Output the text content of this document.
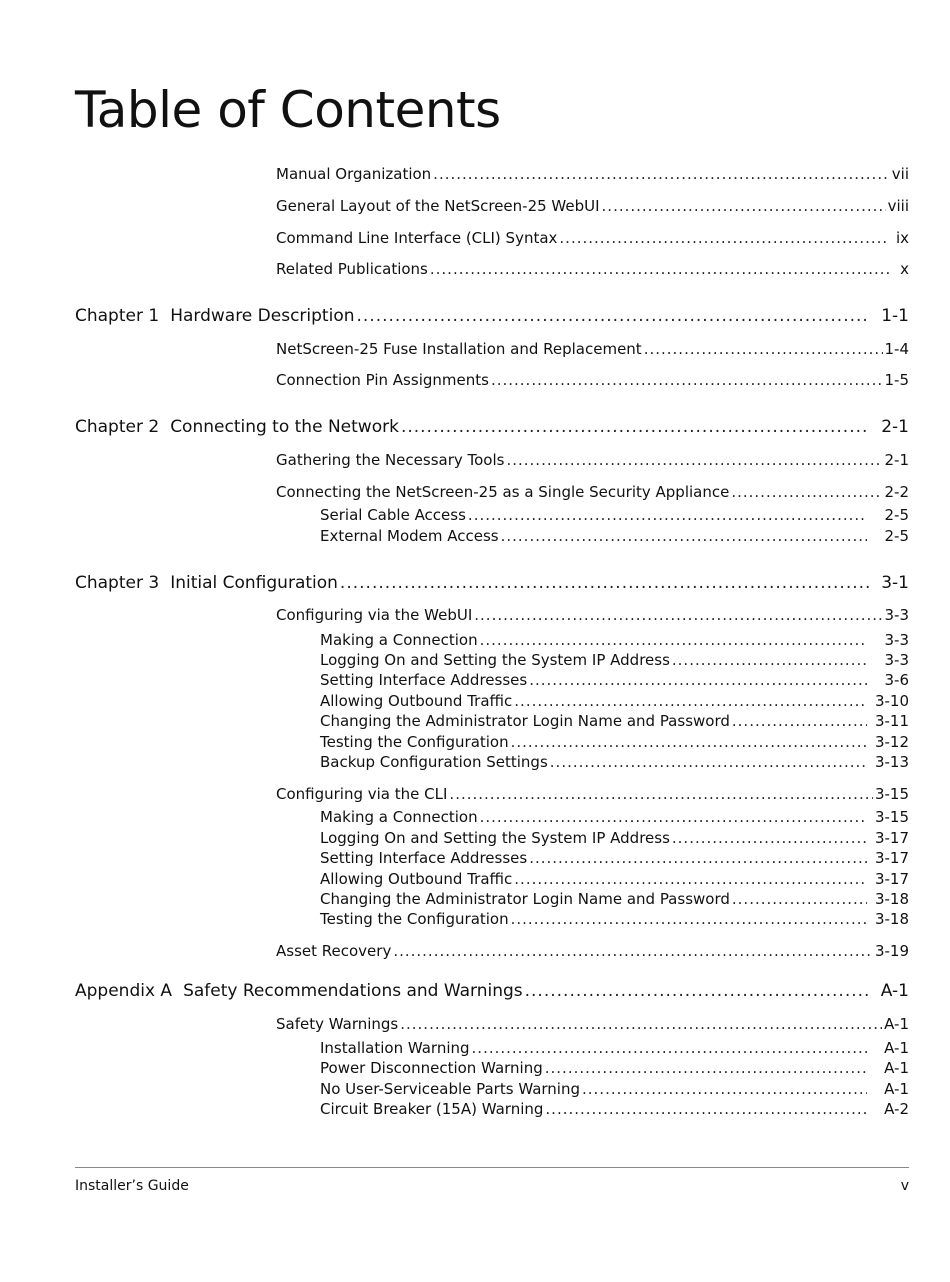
Table of Contents
Manual Organization .....	vii
General Layout of the NetScreen-25 WebUI .....	viii
Command Line Interface (CLI) Syntax .....	ix
Related Publications .....	x
Chapter 1 Hardware Description .....	1-1
NetScreen-25 Fuse Installation and Replacement .....	1-4
Connection Pin Assignments .....	1-5
Chapter 2 Connecting to the Network .....	2-1
Gathering the Necessary Tools .....	2-1
Connecting the NetScreen-25 as a Single Security Appliance .....	2-2
Serial Cable Access .....	2-5
External Modem Access .....	2-5
Chapter 3 Initial Configuration .....	3-1
Configuring via the WebUI .....	3-3
Making a Connection .....	3-3
Logging On and Setting the System IP Address .....	3-3
Setting Interface Addresses .....	3-6
Allowing Outbound Traffic .....	3-10
Changing the Administrator Login Name and Password .....	3-11
Testing the Configuration .....	3-12
Backup Configuration Settings .....	3-13
Configuring via the CLI .....	3-15
Making a Connection .....	3-15
Logging On and Setting the System IP Address .....	3-17
Setting Interface Addresses .....	3-17
Allowing Outbound Traffic .....	3-17
Changing the Administrator Login Name and Password .....	3-18
Testing the Configuration .....	3-18
Asset Recovery .....	3-19
Appendix A Safety Recommendations and Warnings .....	A-1
Safety Warnings .....	A-1
Installation Warning .....	A-1
Power Disconnection Warning .....	A-1
No User-Serviceable Parts Warning .....	A-1
Circuit Breaker (15A) Warning .....	A-2
Installer’s Guide	v
